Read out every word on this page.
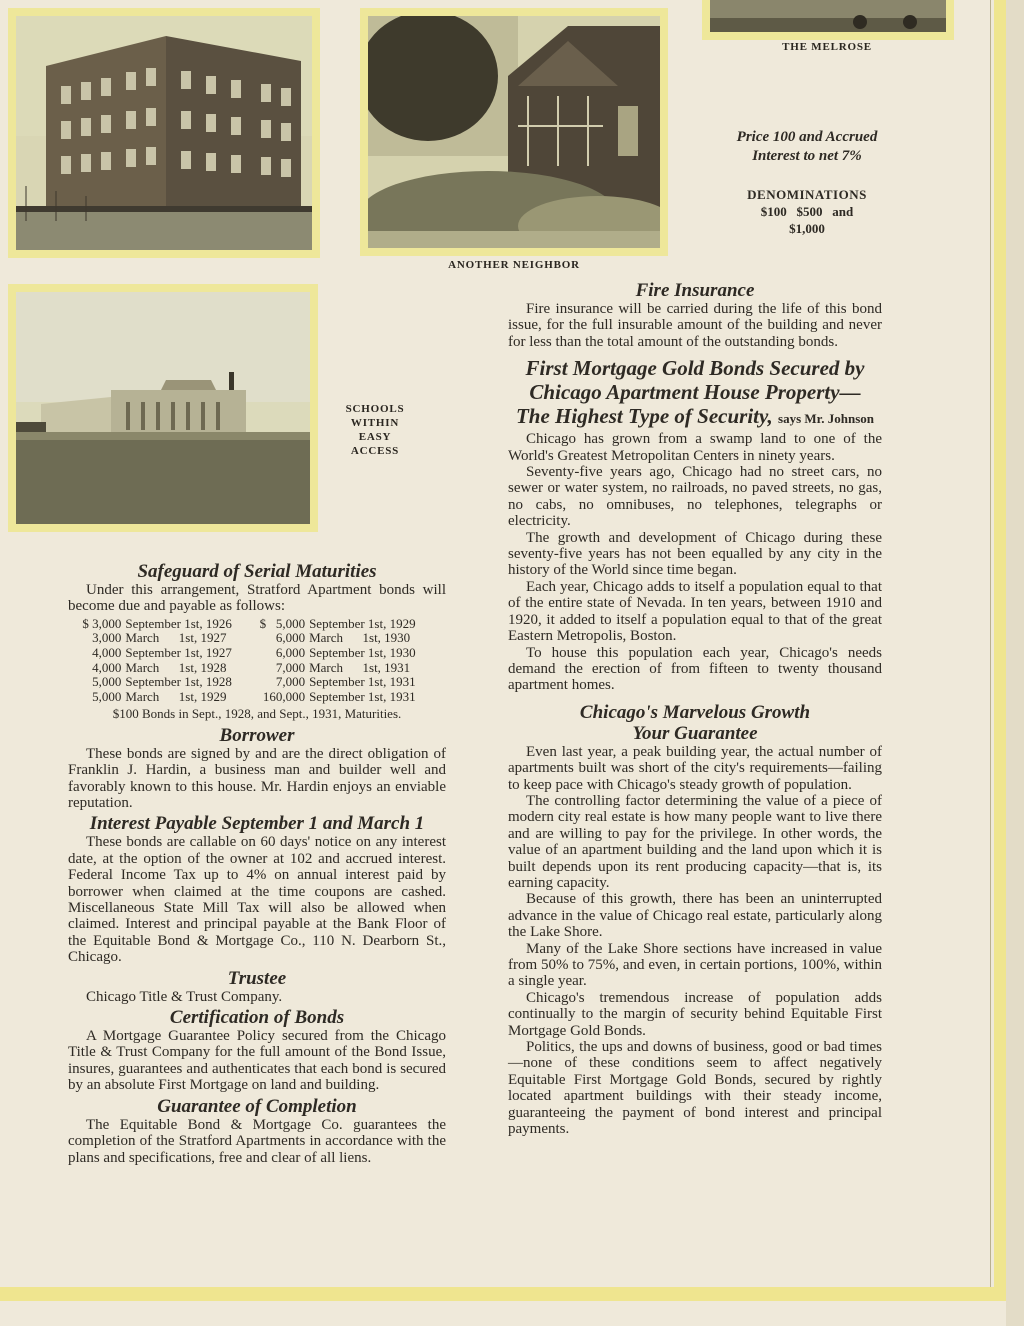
THE MELROSE
ANOTHER NEIGHBOR
SCHOOLS
WITHIN
EASY
ACCESS
Price 100 and Accrued
Interest to net 7%
DENOMINATIONS
$100   $500   and
$1,000
Safeguard of Serial Maturities

Under this arrangement, Stratford Apartment bonds will become due and payable as follows:

$ 3,000	September 1st, 1926	$   5,000	September 1st, 1929
3,000	March      1st, 1927	6,000	March      1st, 1930
4,000	September 1st, 1927	6,000	September 1st, 1930
4,000	March      1st, 1928	7,000	March      1st, 1931
5,000	September 1st, 1928	7,000	September 1st, 1931
5,000	March      1st, 1929	160,000	September 1st, 1931
$100 Bonds in Sept., 1928, and Sept., 1931, Maturities.
Borrower

These bonds are signed by and are the direct obligation of Franklin J. Hardin, a business man and builder well and favorably known to this house. Mr. Hardin enjoys an enviable reputation.

Interest Payable September 1 and March 1

These bonds are callable on 60 days' notice on any interest date, at the option of the owner at 102 and accrued interest. Federal Income Tax up to 4% on annual interest paid by borrower when claimed at the time coupons are cashed. Miscellaneous State Mill Tax will also be allowed when claimed. Interest and principal payable at the Bank Floor of the Equitable Bond & Mortgage Co., 110 N. Dearborn St., Chicago.

Trustee

Chicago Title & Trust Company.

Certification of Bonds

A Mortgage Guarantee Policy secured from the Chicago Title & Trust Company for the full amount of the Bond Issue, insures, guarantees and authenticates that each bond is secured by an absolute First Mortgage on land and building.

Guarantee of Completion

The Equitable Bond & Mortgage Co. guarantees the completion of the Stratford Apartments in accordance with the plans and specifications, free and clear of all liens.

Fire Insurance

Fire insurance will be carried during the life of this bond issue, for the full insurable amount of the building and never for less than the total amount of the outstanding bonds.

First Mortgage Gold Bonds Secured by
Chicago Apartment House Property—
The Highest Type of Security, says Mr. Johnson

Chicago has grown from a swamp land to one of the World's Greatest Metropolitan Centers in ninety years.

Seventy-five years ago, Chicago had no street cars, no sewer or water system, no railroads, no paved streets, no gas, no cabs, no omnibuses, no telephones, telegraphs or electricity.

The growth and development of Chicago during these seventy-five years has not been equalled by any city in the history of the World since time began.

Each year, Chicago adds to itself a population equal to that of the entire state of Nevada. In ten years, between 1910 and 1920, it added to itself a population equal to that of the great Eastern Metropolis, Boston.

To house this population each year, Chicago's needs demand the erection of from fifteen to twenty thousand apartment homes.

Chicago's Marvelous Growth
Your Guarantee

Even last year, a peak building year, the actual number of apartments built was short of the city's requirements—failing to keep pace with Chicago's steady growth of population.

The controlling factor determining the value of a piece of modern city real estate is how many people want to live there and are willing to pay for the privilege. In other words, the value of an apartment building and the land upon which it is built depends upon its rent producing capacity—that is, its earning capacity.

Because of this growth, there has been an uninterrupted advance in the value of Chicago real estate, particularly along the Lake Shore.

Many of the Lake Shore sections have increased in value from 50% to 75%, and even, in certain portions, 100%, within a single year.

Chicago's tremendous increase of population adds continually to the margin of security behind Equitable First Mortgage Gold Bonds.

Politics, the ups and downs of business, good or bad times—none of these conditions seem to affect negatively Equitable First Mortgage Gold Bonds, secured by rightly located apartment buildings with their steady income, guaranteeing the payment of bond interest and principal payments.
